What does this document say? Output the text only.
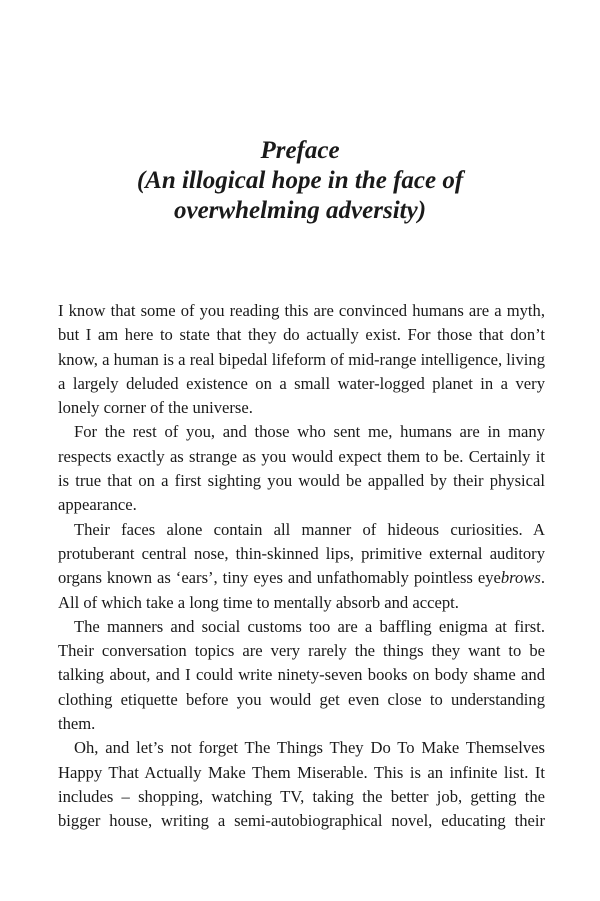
Preface
(An illogical hope in the face of
overwhelming adversity)

I know that some of you reading this are convinced humans are a myth, but I am here to state that they do actually exist. For those that don’t know, a human is a real bipedal lifeform of mid-range intelligence, living a largely deluded existence on a small water-logged planet in a very lonely corner of the universe.

For the rest of you, and those who sent me, humans are in many respects exactly as strange as you would expect them to be. Certainly it is true that on a first sighting you would be appalled by their physical appearance.

Their faces alone contain all manner of hideous curiosities. A protuberant central nose, thin-skinned lips, primitive external auditory organs known as ‘ears’, tiny eyes and unfathomably pointless eyebrows. All of which take a long time to mentally absorb and accept.

The manners and social customs too are a baffling enigma at first. Their conversation topics are very rarely the things they want to be talking about, and I could write ninety-seven books on body shame and clothing etiquette before you would get even close to understanding them.

Oh, and let’s not forget The Things They Do To Make Themselves Happy That Actually Make Them Miserable. This is an infinite list. It includes – shopping, watching TV, taking the better job, getting the bigger house, writing a semi-autobiographical novel, educating their
